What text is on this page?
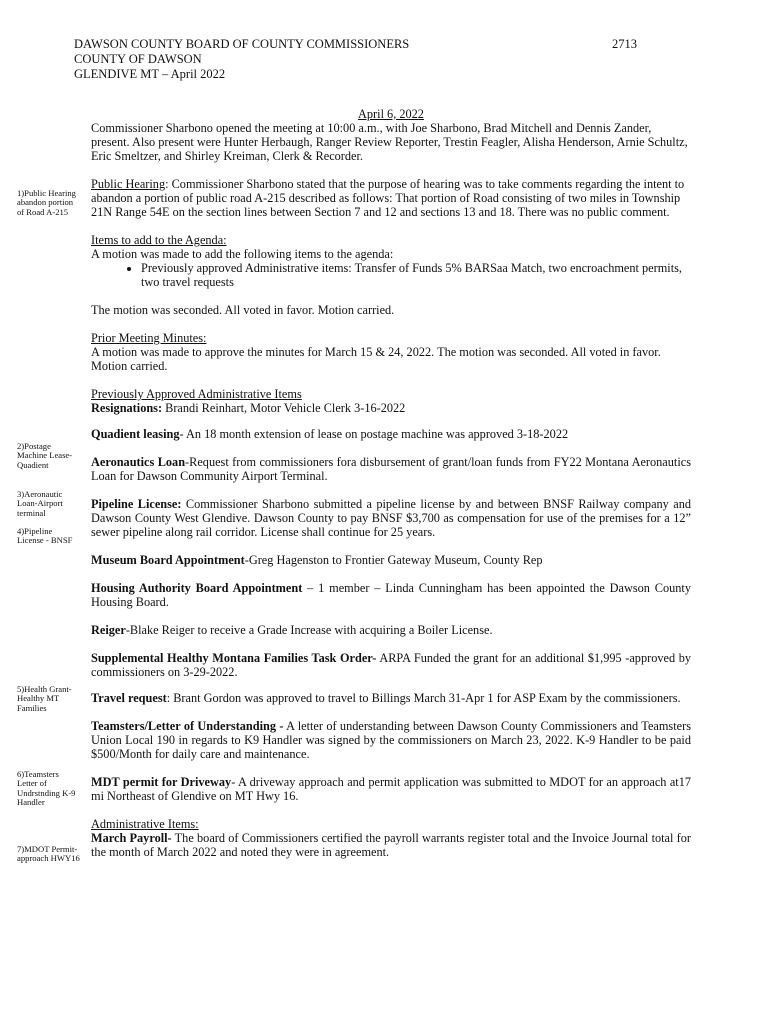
DAWSON COUNTY BOARD OF COUNTY COMMISSIONERS
COUNTY OF DAWSON
GLENDIVE MT – April 2022
2713
1)Public Hearing abandon portion of Road A-215
2)Postage Machine Lease-Quadient
3)Aeronautic Loan-Airport terminal
4)Pipeline License - BNSF
5)Health Grant-Healthy MT Families
6)Teamsters Letter of Undrstnding K-9 Handler
7)MDOT Permit-approach HWY16

April 6, 2022

Commissioner Sharbono opened the meeting at 10:00 a.m., with Joe Sharbono, Brad Mitchell and Dennis Zander, present. Also present were Hunter Herbaugh, Ranger Review Reporter, Trestin Feagler, Alisha Henderson, Arnie Schultz, Eric Smeltzer, and Shirley Kreiman, Clerk & Recorder.

Public Hearing: Commissioner Sharbono stated that the purpose of hearing was to take comments regarding the intent to abandon a portion of public road A-215 described as follows: That portion of Road consisting of two miles in Township 21N Range 54E on the section lines between Section 7 and 12 and sections 13 and 18. There was no public comment.

Items to add to the Agenda:

A motion was made to add the following items to the agenda:

• Previously approved Administrative items: Transfer of Funds 5% BARSaa Match, two encroachment permits, two travel requests

The motion was seconded. All voted in favor. Motion carried.

Prior Meeting Minutes:

A motion was made to approve the minutes for March 15 & 24, 2022. The motion was seconded. All voted in favor. Motion carried.

Previously Approved Administrative Items

Resignations: Brandi Reinhart, Motor Vehicle Clerk 3-16-2022

Quadient leasing- An 18 month extension of lease on postage machine was approved 3-18-2022

Aeronautics Loan-Request from commissioners fora disbursement of grant/loan funds from FY22 Montana Aeronautics Loan for Dawson Community Airport Terminal.

Pipeline License: Commissioner Sharbono submitted a pipeline license by and between BNSF Railway company and Dawson County West Glendive. Dawson County to pay BNSF $3,700 as compensation for use of the premises for a 12” sewer pipeline along rail corridor. License shall continue for 25 years.

Museum Board Appointment-Greg Hagenston to Frontier Gateway Museum, County Rep

Housing Authority Board Appointment – 1 member – Linda Cunningham has been appointed the Dawson County Housing Board.

Reiger-Blake Reiger to receive a Grade Increase with acquiring a Boiler License.

Supplemental Healthy Montana Families Task Order- ARPA Funded the grant for an additional $1,995 -approved by commissioners on 3-29-2022.

Travel request: Brant Gordon was approved to travel to Billings March 31-Apr 1 for ASP Exam by the commissioners.

Teamsters/Letter of Understanding - A letter of understanding between Dawson County Commissioners and Teamsters Union Local 190 in regards to K9 Handler was signed by the commissioners on March 23, 2022. K-9 Handler to be paid $500/Month for daily care and maintenance.

MDT permit for Driveway- A driveway approach and permit application was submitted to MDOT for an approach at17 mi Northeast of Glendive on MT Hwy 16.

Administrative Items:

March Payroll- The board of Commissioners certified the payroll warrants register total and the Invoice Journal total for the month of March 2022 and noted they were in agreement.
